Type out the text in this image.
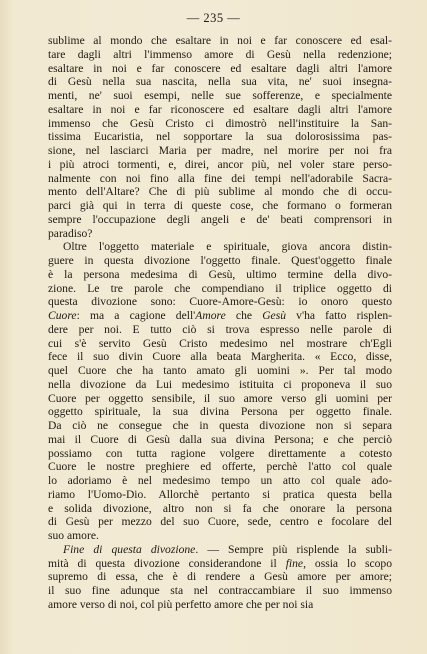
— 235 —

sublime al mondo che esaltare in noi e far conoscere ed esal-

tare dagli altri l'immenso amore di Gesù nella redenzione;

esaltare in noi e far conoscere ed esaltare dagli altri l'amore

di Gesù nella sua nascita, nella sua vita, ne' suoi insegna-

menti, ne' suoi esempi, nelle sue sofferenze, e specialmente

esaltare in noi e far riconoscere ed esaltare dagli altri l'amore

immenso che Gesù Cristo ci dimostrò nell'instituire la San-

tissima Eucaristia, nel sopportare la sua dolorosissima pas-

sione, nel lasciarci Maria per madre, nel morire per noi fra

i più atroci tormenti, e, direi, ancor più, nel voler stare perso-

nalmente con noi fino alla fine dei tempi nell'adorabile Sacra-

mento dell'Altare? Che di più sublime al mondo che di occu-

parci già qui in terra di queste cose, che formano o formeran

sempre l'occupazione degli angeli e de' beati comprensori in

paradiso?

Oltre l'oggetto materiale e spirituale, giova ancora distin-

guere in questa divozione l'oggetto finale. Quest'oggetto finale

è la persona medesima di Gesù, ultimo termine della divo-

zione. Le tre parole che compendiano il triplice oggetto di

questa divozione sono: Cuore-Amore-Gesù: io onoro questo

Cuore: ma a cagione dell'Amore che Gesù v'ha fatto risplen-

dere per noi. E tutto ciò si trova espresso nelle parole di

cui s'è servito Gesù Cristo medesimo nel mostrare ch'Egli

fece il suo divin Cuore alla beata Margherita. « Ecco, disse,

quel Cuore che ha tanto amato gli uomini ». Per tal modo

nella divozione da Lui medesimo istituita ci proponeva il suo

Cuore per oggetto sensibile, il suo amore verso gli uomini per

oggetto spirituale, la sua divina Persona per oggetto finale.

Da ciò ne consegue che in questa divozione non si separa

mai il Cuore di Gesù dalla sua divina Persona; e che perciò

possiamo con tutta ragione volgere direttamente a cotesto

Cuore le nostre preghiere ed offerte, perchè l'atto col quale

lo adoriamo è nel medesimo tempo un atto col quale ado-

riamo l'Uomo-Dio. Allorchè pertanto si pratica questa bella

e solida divozione, altro non si fa che onorare la persona

di Gesù per mezzo del suo Cuore, sede, centro e focolare del

suo amore.

Fine di questa divozione. — Sempre più risplende la subli-

mità di questa divozione considerandone il fine, ossia lo scopo

supremo di essa, che è di rendere a Gesù amore per amore;

il suo fine adunque sta nel contraccambiare il suo immenso

amore verso di noi, col più perfetto amore che per noi sia
